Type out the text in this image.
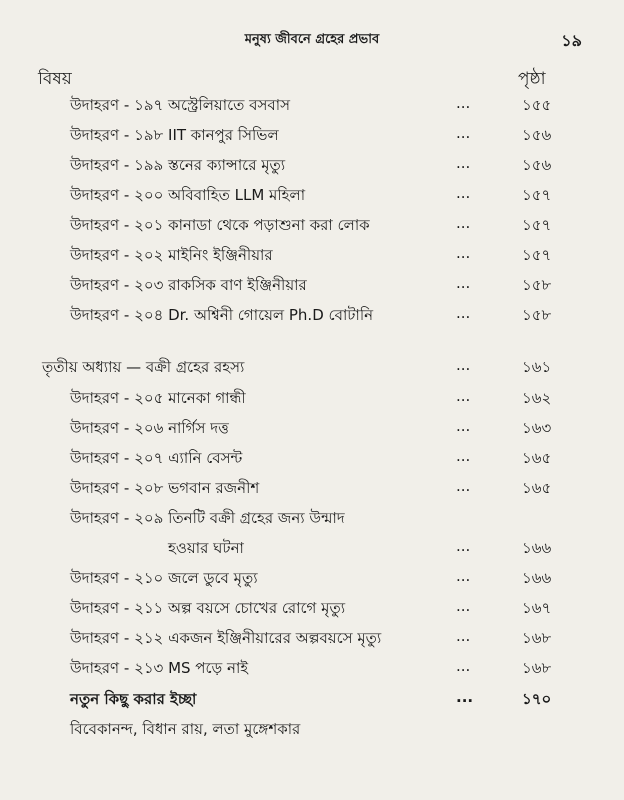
মনুষ্য জীবনে গ্রহের প্রভাব	১৯
বিষয়	পৃষ্ঠা
উদাহরণ - ১৯৭ অস্ট্রেলিয়াতে বসবাস	...	১৫৫
উদাহরণ - ১৯৮ IIT কানপুর সিভিল	...	১৫৬
উদাহরণ - ১৯৯ স্তনের ক্যান্সারে মৃত্যু	...	১৫৬
উদাহরণ - ২০০ অবিবাহিত LLM মহিলা	...	১৫৭
উদাহরণ - ২০১ কানাডা থেকে পড়াশুনা করা লোক	...	১৫৭
উদাহরণ - ২০২ মাইনিং ইঞ্জিনীয়ার	...	১৫৭
উদাহরণ - ২০৩ রাকসিক বাণ ইঞ্জিনীয়ার	...	১৫৮
উদাহরণ - ২০৪ Dr. অশ্বিনী গোয়েল Ph.D বোটানি	...	১৫৮
তৃতীয় অধ্যায় — বক্রী গ্রহের রহস্য	...	১৬১
উদাহরণ - ২০৫ মানেকা গান্ধী	...	১৬২
উদাহরণ - ২০৬ নার্গিস দত্ত	...	১৬৩
উদাহরণ - ২০৭ এ্যানি বেসন্ট	...	১৬৫
উদাহরণ - ২০৮ ভগবান রজনীশ	...	১৬৫
উদাহরণ - ২০৯ তিনটি বক্রী গ্রহের জন্য উন্মাদ
হওয়ার ঘটনা	...	১৬৬
উদাহরণ - ২১০ জলে ডুবে মৃত্যু	...	১৬৬
উদাহরণ - ২১১ অল্প বয়সে চোখের রোগে মৃত্যু	...	১৬৭
উদাহরণ - ২১২ একজন ইঞ্জিনীয়ারের অল্পবয়সে মৃত্যু	...	১৬৮
উদাহরণ - ২১৩ MS পড়ে নাই	...	১৬৮
নতুন কিছু করার ইচ্ছা	...	১৭০
বিবেকানন্দ, বিধান রায়, লতা মুঙ্গেশকার
